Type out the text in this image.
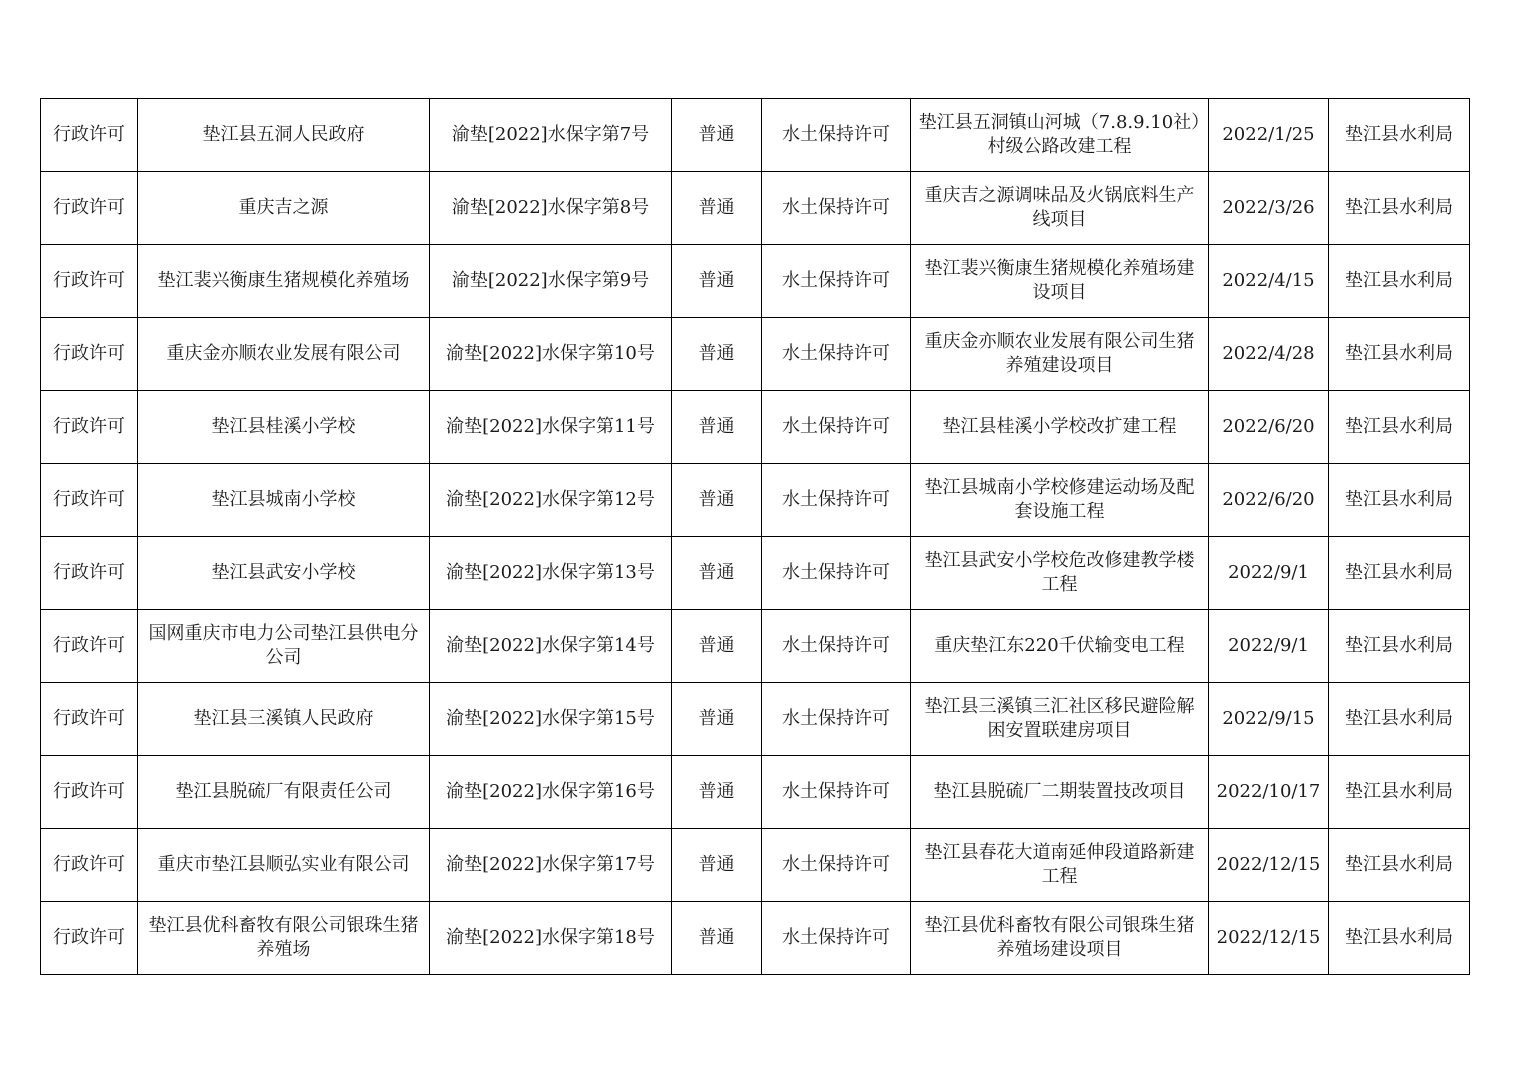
行政许可	垫江县五洞人民政府	渝垫[2022]水保字第7号	普通	水土保持许可	垫江县五洞镇山河城（7.8.9.10社）村级公路改建工程	2022/1/25	垫江县水利局
行政许可	重庆吉之源	渝垫[2022]水保字第8号	普通	水土保持许可	重庆吉之源调味品及火锅底料生产线项目	2022/3/26	垫江县水利局
行政许可	垫江裴兴衡康生猪规模化养殖场	渝垫[2022]水保字第9号	普通	水土保持许可	垫江裴兴衡康生猪规模化养殖场建设项目	2022/4/15	垫江县水利局
行政许可	重庆金亦顺农业发展有限公司	渝垫[2022]水保字第10号	普通	水土保持许可	重庆金亦顺农业发展有限公司生猪养殖建设项目	2022/4/28	垫江县水利局
行政许可	垫江县桂溪小学校	渝垫[2022]水保字第11号	普通	水土保持许可	垫江县桂溪小学校改扩建工程	2022/6/20	垫江县水利局
行政许可	垫江县城南小学校	渝垫[2022]水保字第12号	普通	水土保持许可	垫江县城南小学校修建运动场及配套设施工程	2022/6/20	垫江县水利局
行政许可	垫江县武安小学校	渝垫[2022]水保字第13号	普通	水土保持许可	垫江县武安小学校危改修建教学楼工程	2022/9/1	垫江县水利局
行政许可	国网重庆市电力公司垫江县供电分公司	渝垫[2022]水保字第14号	普通	水土保持许可	重庆垫江东220千伏输变电工程	2022/9/1	垫江县水利局
行政许可	垫江县三溪镇人民政府	渝垫[2022]水保字第15号	普通	水土保持许可	垫江县三溪镇三汇社区移民避险解困安置联建房项目	2022/9/15	垫江县水利局
行政许可	垫江县脱硫厂有限责任公司	渝垫[2022]水保字第16号	普通	水土保持许可	垫江县脱硫厂二期装置技改项目	2022/10/17	垫江县水利局
行政许可	重庆市垫江县顺弘实业有限公司	渝垫[2022]水保字第17号	普通	水土保持许可	垫江县春花大道南延伸段道路新建工程	2022/12/15	垫江县水利局
行政许可	垫江县优科畜牧有限公司银珠生猪养殖场	渝垫[2022]水保字第18号	普通	水土保持许可	垫江县优科畜牧有限公司银珠生猪养殖场建设项目	2022/12/15	垫江县水利局
